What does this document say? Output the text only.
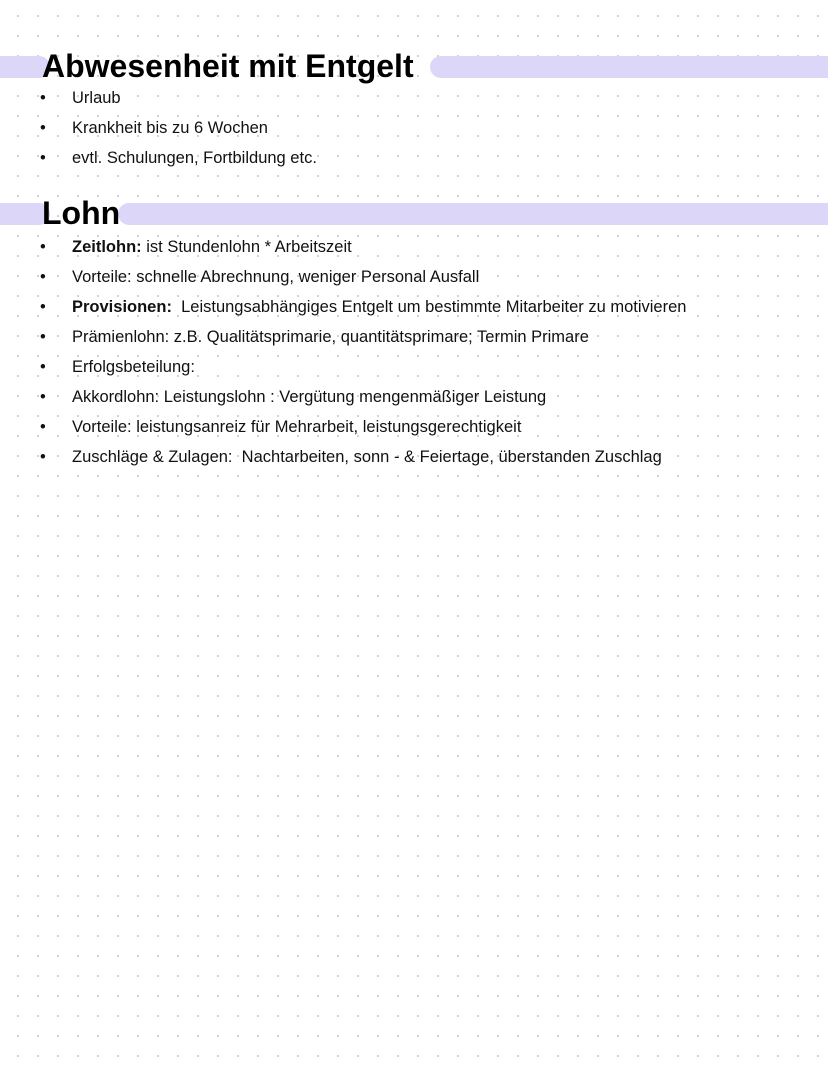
Abwesenheit mit Entgelt
• Urlaub
• Krankheit bis zu 6 Wochen
• evtl. Schulungen, Fortbildung etc.
Lohn
• Zeitlohn: ist Stundenlohn * Arbeitszeit
• Vorteile: schnelle Abrechnung, weniger Personal Ausfall
• Provisionen:  Leistungsabhängiges Entgelt um bestimmte Mitarbeiter zu motivieren
• Prämienlohn: z.B. Qualitätsprimarie, quantitätsprimare; Termin Primare
• Erfolgsbeteilung:
• Akkordlohn: Leistungslohn : Vergütung mengenmäßiger Leistung
• Vorteile: leistungsanreiz für Mehrarbeit, leistungsgerechtigkeit
• Zuschläge & Zulagen:  Nachtarbeiten, sonn - & Feiertage, überstanden Zuschlag
